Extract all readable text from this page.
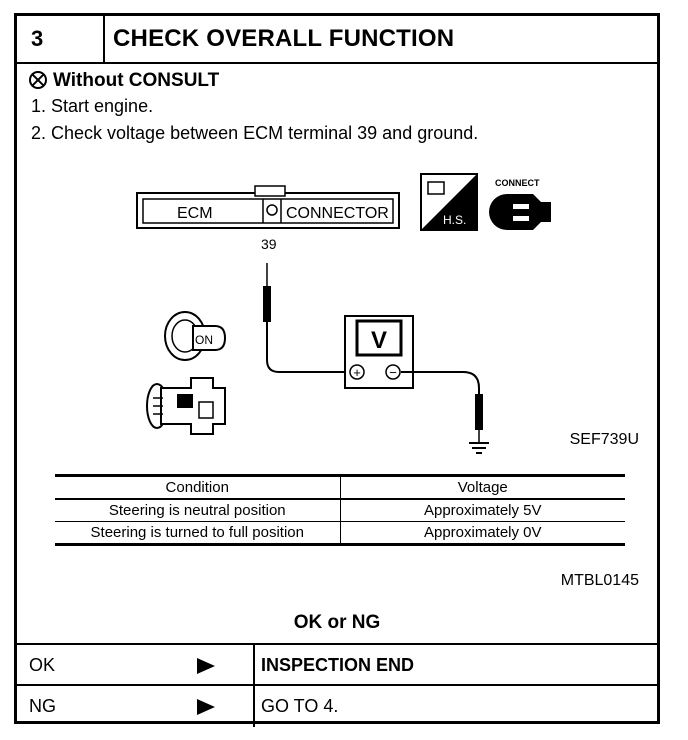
3	CHECK OVERALL FUNCTION
Without CONSULT
1. Start engine.
2. Check voltage between ECM terminal 39 and ground.
ECM	CONNECTOR
39
H.S.
CONNECT
V
+ −
ON
SEF739U
Condition	Voltage
Steering is neutral position	Approximately 5V
Steering is turned to full position	Approximately 0V
MTBL0145
OK or NG
OK	INSPECTION END
NG	GO TO 4.
